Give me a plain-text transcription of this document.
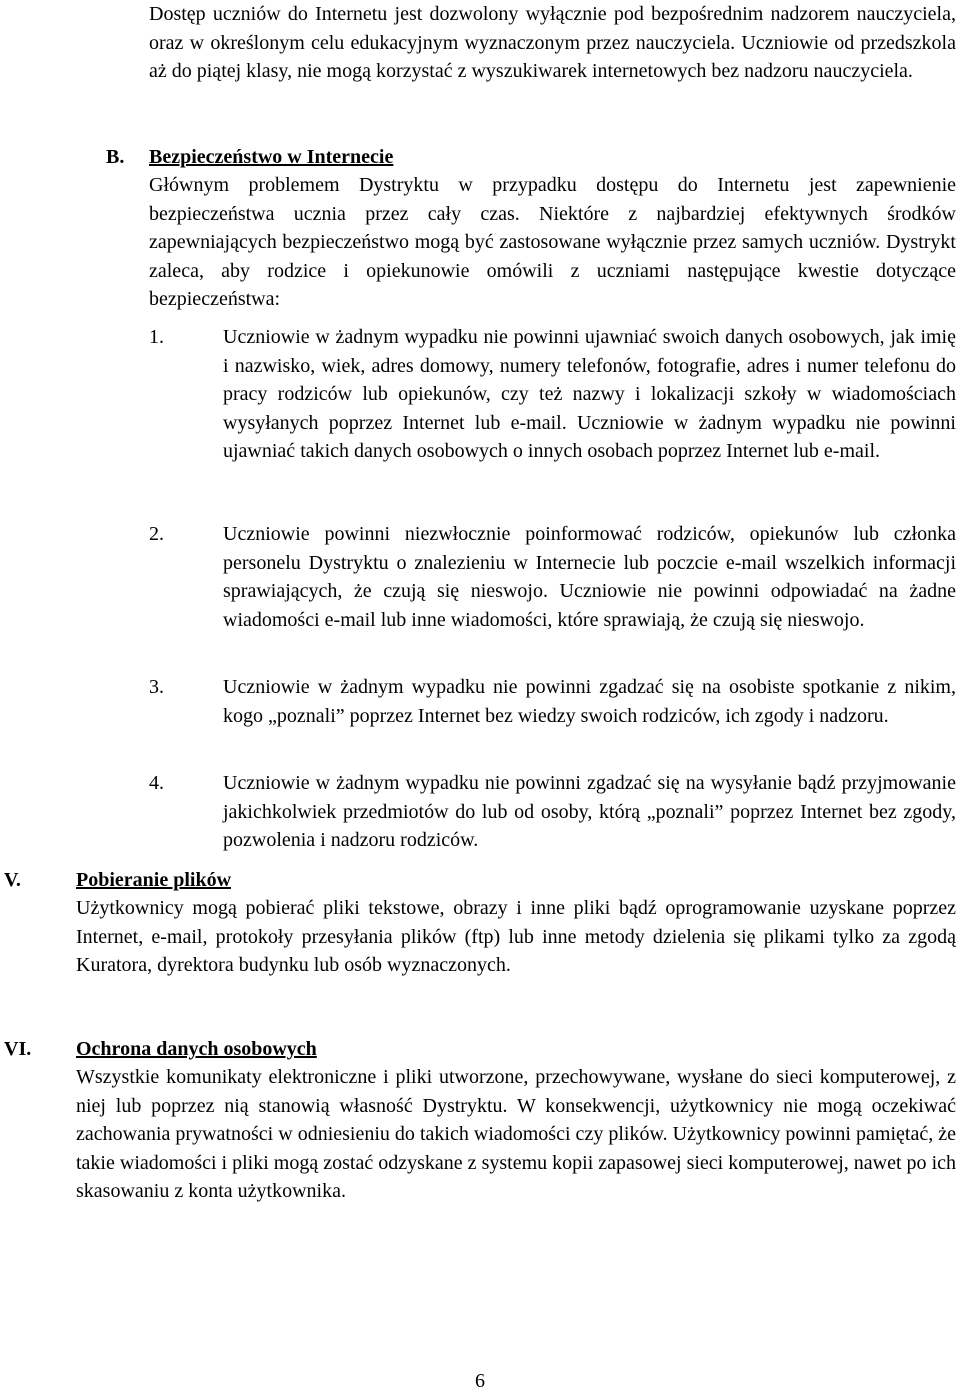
Dostęp uczniów do Internetu jest dozwolony wyłącznie pod bezpośrednim nadzorem nauczyciela, oraz w określonym celu edukacyjnym wyznaczonym przez nauczyciela. Uczniowie od przedszkola aż do piątej klasy, nie mogą korzystać z wyszukiwarek internetowych bez nadzoru nauczyciela.

B. Bezpieczeństwo w Internecie

Głównym problemem Dystryktu w przypadku dostępu do Internetu jest zapewnienie bezpieczeństwa ucznia przez cały czas. Niektóre z najbardziej efektywnych środków zapewniających bezpieczeństwo mogą być zastosowane wyłącznie przez samych uczniów. Dystrykt zaleca, aby rodzice i opiekunowie omówili z uczniami następujące kwestie dotyczące bezpieczeństwa:

1.	Uczniowie w żadnym wypadku nie powinni ujawniać swoich danych osobowych, jak imię i nazwisko, wiek, adres domowy, numery telefonów, fotografie, adres i numer telefonu do pracy rodziców lub opiekunów, czy też nazwy i lokalizacji szkoły w wiadomościach wysyłanych poprzez Internet lub e-mail. Uczniowie w żadnym wypadku nie powinni ujawniać takich danych osobowych o innych osobach poprzez Internet lub e-mail.

2.	Uczniowie powinni niezwłocznie poinformować rodziców, opiekunów lub członka personelu Dystryktu o znalezieniu w Internecie lub poczcie e-mail wszelkich informacji sprawiających, że czują się nieswojo. Uczniowie nie powinni odpowiadać na żadne wiadomości e-mail lub inne wiadomości, które sprawiają, że czują się nieswojo.

3.	Uczniowie w żadnym wypadku nie powinni zgadzać się na osobiste spotkanie z nikim, kogo „poznali” poprzez Internet bez wiedzy swoich rodziców, ich zgody i nadzoru.

4.	Uczniowie w żadnym wypadku nie powinni zgadzać się na wysyłanie bądź przyjmowanie jakichkolwiek przedmiotów do lub od osoby, którą „poznali” poprzez Internet bez zgody, pozwolenia i nadzoru rodziców.

V.	Pobieranie plików

Użytkownicy mogą pobierać pliki tekstowe, obrazy i inne pliki bądź oprogramowanie uzyskane poprzez Internet, e-mail, protokoły przesyłania plików (ftp) lub inne metody dzielenia się plikami tylko za zgodą Kuratora, dyrektora budynku lub osób wyznaczonych.

VI. Ochrona danych osobowych

Wszystkie komunikaty elektroniczne i pliki utworzone, przechowywane, wysłane do sieci komputerowej, z niej lub poprzez nią stanowią własność Dystryktu. W konsekwencji, użytkownicy nie mogą oczekiwać zachowania prywatności w odniesieniu do takich wiadomości czy plików. Użytkownicy powinni pamiętać, że takie wiadomości i pliki mogą zostać odzyskane z systemu kopii zapasowej sieci komputerowej, nawet po ich skasowaniu z konta użytkownika.

6
